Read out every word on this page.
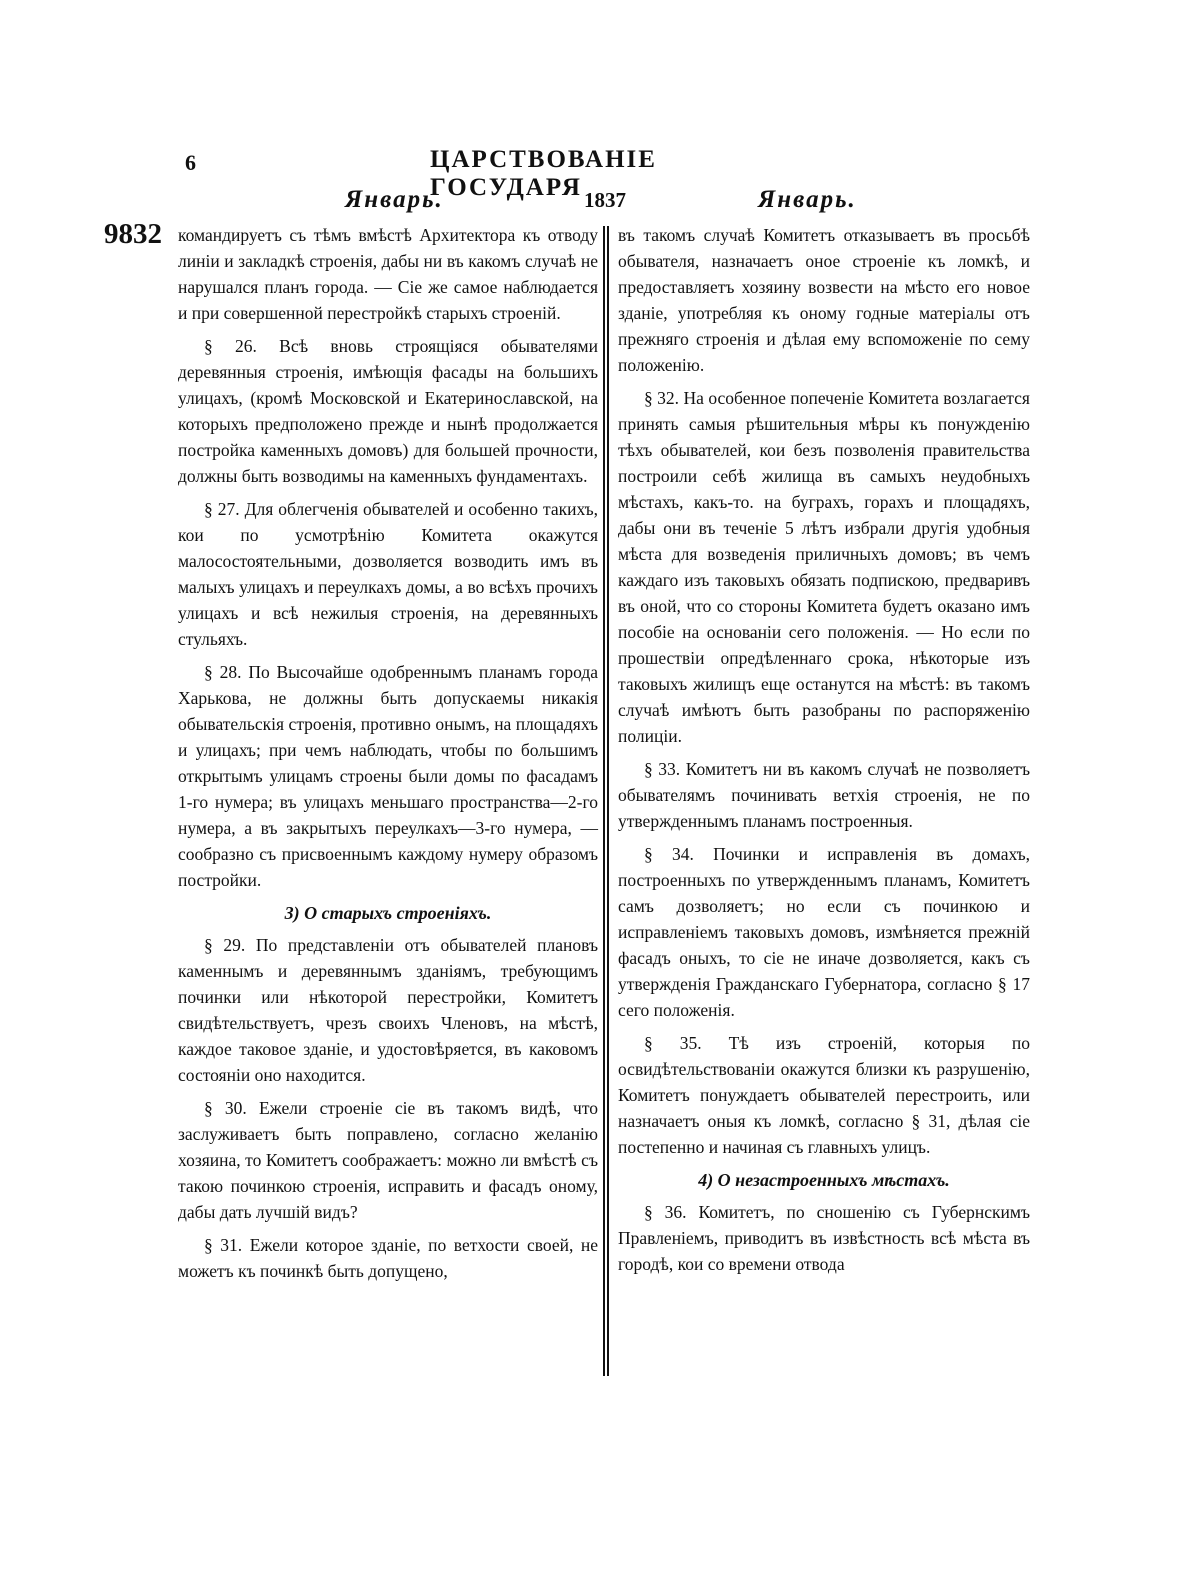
6	ЦАРСТВОВАНІЕ ГОСУДАРЯ
Январь.	1837	Январь.
9832 командируетъ съ тѣмъ вмѣстѣ Архитектора къ отводу линіи и закладкѣ строенія, дабы ни въ какомъ случаѣ не нарушался планъ города. — Сіе же самое наблюдается и при совершенной перестройкѣ старыхъ строеній.

§ 26. Всѣ вновь строящіяся обывателями деревянныя строенія, имѣющія фасады на большихъ улицахъ, (кромѣ Московской и Екатеринославской, на которыхъ предположено прежде и нынѣ продолжается постройка каменныхъ домовъ) для большей прочности, должны быть возводимы на каменныхъ фундаментахъ.

§ 27. Для облегченія обывателей и особенно такихъ, кои по усмотрѣнію Комитета окажутся малосостоятельными, дозволяется возводить имъ въ малыхъ улицахъ и переулкахъ домы, а во всѣхъ прочихъ улицахъ и всѣ нежилыя строенія, на деревянныхъ стульяхъ.

§ 28. По Высочайше одобреннымъ планамъ города Харькова, не должны быть допускаемы никакія обывательскія строенія, противно онымъ, на площадяхъ и улицахъ; при чемъ наблюдать, чтобы по большимъ открытымъ улицамъ строены были домы по фасадамъ 1-го нумера; въ улицахъ меньшаго пространства—2-го нумера, а въ закрытыхъ переулкахъ—3-го нумера, — сообразно съ присвоеннымъ каждому нумеру образомъ постройки.

3) О старыхъ строеніяхъ.

§ 29. По представленіи отъ обывателей плановъ каменнымъ и деревяннымъ зданіямъ, требующимъ починки или нѣкоторой перестройки, Комитетъ свидѣтельствуетъ, чрезъ своихъ Членовъ, на мѣстѣ, каждое таковое зданіе, и удостовѣряется, въ каковомъ состояніи оно находится.

§ 30. Ежели строеніе сіе въ такомъ видѣ, что заслуживаетъ быть поправлено, согласно желанію хозяина, то Комитетъ соображаетъ: можно ли вмѣстѣ съ такою починкою строенія, исправить и фасадъ оному, дабы дать лучшій видъ?

§ 31. Ежели которое зданіе, по ветхости своей, не можетъ къ починкѣ быть допущено,

въ такомъ случаѣ Комитетъ отказываетъ въ просьбѣ обывателя, назначаетъ оное строеніе къ ломкѣ, и предоставляетъ хозяину возвести на мѣсто его новое зданіе, употребляя къ оному годные матеріалы отъ прежняго строенія и дѣлая ему вспоможеніе по сему положенію.

§ 32. На особенное попеченіе Комитета возлагается принять самыя рѣшительныя мѣры къ понужденію тѣхъ обывателей, кои безъ позволенія правительства построили себѣ жилища въ самыхъ неудобныхъ мѣстахъ, какъ-то. на буграхъ, горахъ и площадяхъ, дабы они въ теченіе 5 лѣтъ избрали другія удобныя мѣста для возведенія приличныхъ домовъ; въ чемъ каждаго изъ таковыхъ обязать подпискою, предваривъ въ оной, что со стороны Комитета будетъ оказано имъ пособіе на основаніи сего положенія. — Но если по прошествіи опредѣленнаго срока, нѣкоторые изъ таковыхъ жилищъ еще останутся на мѣстѣ: въ такомъ случаѣ имѣютъ быть разобраны по распоряженію полиціи.

§ 33. Комитетъ ни въ какомъ случаѣ не позволяетъ обывателямъ починивать ветхія строенія, не по утвержденнымъ планамъ построенныя.

§ 34. Починки и исправленія въ домахъ, построенныхъ по утвержденнымъ планамъ, Комитетъ самъ дозволяетъ; но если съ починкою и исправленіемъ таковыхъ домовъ, измѣняется прежній фасадъ оныхъ, то сіе не иначе дозволяется, какъ съ утвержденія Гражданскаго Губернатора, согласно § 17 сего положенія.

§ 35. Тѣ изъ строеній, которыя по освидѣтельствованіи окажутся близки къ разрушенію, Комитетъ понуждаетъ обывателей перестроить, или назначаетъ оныя къ ломкѣ, согласно § 31, дѣлая сіе постепенно и начиная съ главныхъ улицъ.

4) О незастроенныхъ мѣстахъ.

§ 36. Комитетъ, по сношенію съ Губернскимъ Правленіемъ, приводитъ въ извѣстность всѣ мѣста въ городѣ, кои со времени отвода
